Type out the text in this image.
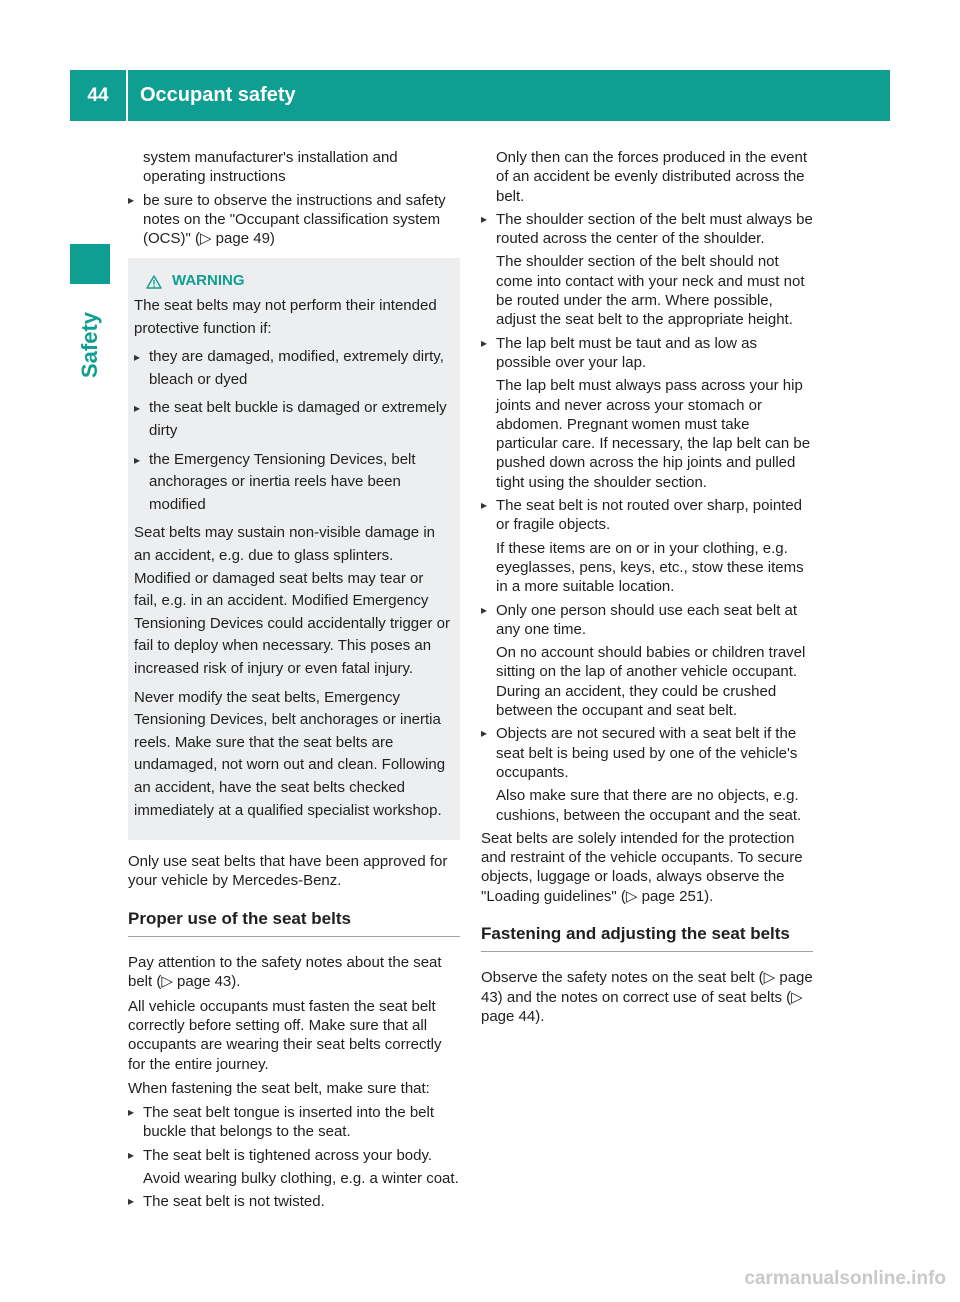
44	Occupant safety
Safety

system manufacturer's installation and operating instructions

▸ be sure to observe the instructions and safety notes on the "Occupant classification system (OCS)" (▷ page 49)

WARNING

The seat belts may not perform their intended protective function if:

▸ they are damaged, modified, extremely dirty, bleach or dyed

▸ the seat belt buckle is damaged or extremely dirty

▸ the Emergency Tensioning Devices, belt anchorages or inertia reels have been modified

Seat belts may sustain non-visible damage in an accident, e.g. due to glass splinters. Modified or damaged seat belts may tear or fail, e.g. in an accident. Modified Emergency Tensioning Devices could accidentally trigger or fail to deploy when necessary. This poses an increased risk of injury or even fatal injury.

Never modify the seat belts, Emergency Tensioning Devices, belt anchorages or inertia reels. Make sure that the seat belts are undamaged, not worn out and clean. Following an accident, have the seat belts checked immediately at a qualified specialist workshop.

Only use seat belts that have been approved for your vehicle by Mercedes-Benz.

Proper use of the seat belts

Pay attention to the safety notes about the seat belt (▷ page 43).

All vehicle occupants must fasten the seat belt correctly before setting off. Make sure that all occupants are wearing their seat belts correctly for the entire journey.

When fastening the seat belt, make sure that:

▸ The seat belt tongue is inserted into the belt buckle that belongs to the seat.

▸ The seat belt is tightened across your body.

Avoid wearing bulky clothing, e.g. a winter coat.

▸ The seat belt is not twisted.

Only then can the forces produced in the event of an accident be evenly distributed across the belt.

▸ The shoulder section of the belt must always be routed across the center of the shoulder.

The shoulder section of the belt should not come into contact with your neck and must not be routed under the arm. Where possible, adjust the seat belt to the appropriate height.

▸ The lap belt must be taut and as low as possible over your lap.

The lap belt must always pass across your hip joints and never across your stomach or abdomen. Pregnant women must take particular care. If necessary, the lap belt can be pushed down across the hip joints and pulled tight using the shoulder section.

▸ The seat belt is not routed over sharp, pointed or fragile objects.

If these items are on or in your clothing, e.g. eyeglasses, pens, keys, etc., stow these items in a more suitable location.

▸ Only one person should use each seat belt at any one time.

On no account should babies or children travel sitting on the lap of another vehicle occupant. During an accident, they could be crushed between the occupant and seat belt.

▸ Objects are not secured with a seat belt if the seat belt is being used by one of the vehicle's occupants.

Also make sure that there are no objects, e.g. cushions, between the occupant and the seat.

Seat belts are solely intended for the protection and restraint of the vehicle occupants. To secure objects, luggage or loads, always observe the "Loading guidelines" (▷ page 251).

Fastening and adjusting the seat belts

Observe the safety notes on the seat belt (▷ page 43) and the notes on correct use of seat belts (▷ page 44).

carmanualsonline.info
